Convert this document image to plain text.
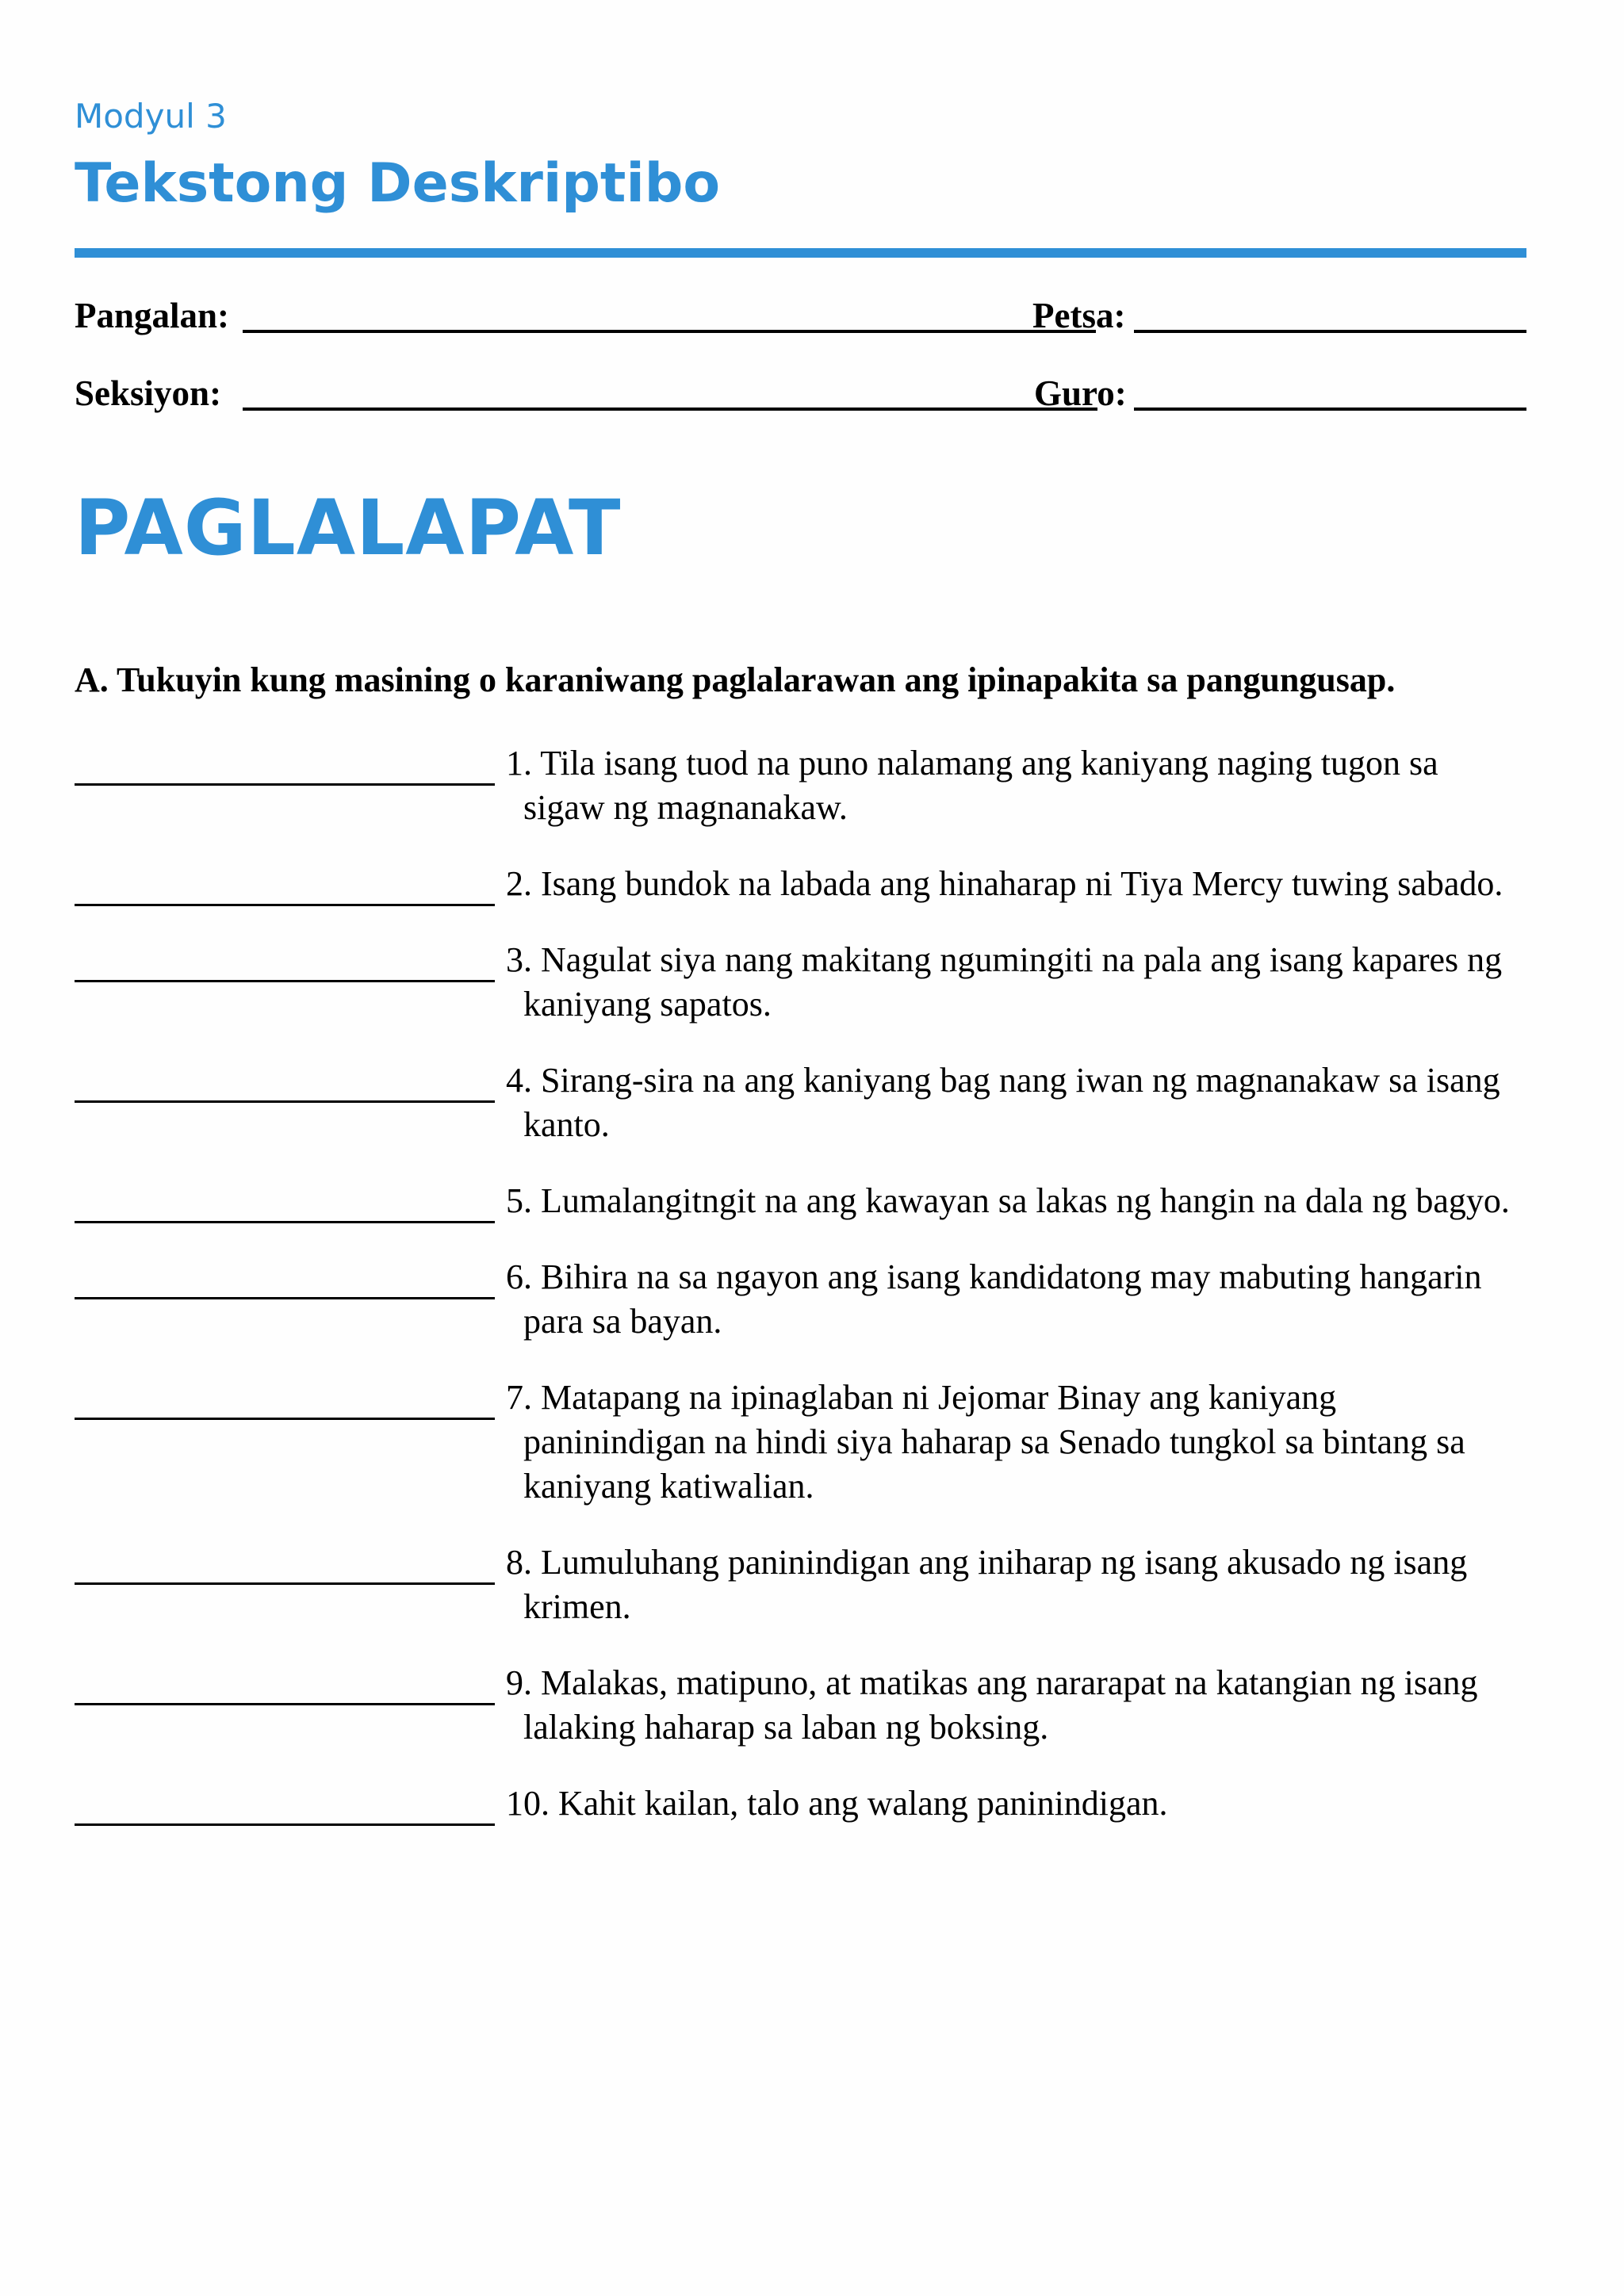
Modyul 3

Tekstong Deskriptibo
Pangalan:	Petsa:
Seksiyon:	Guro:
PAGLALAPAT
A. Tukuyin kung masining o karaniwang paglalarawan ang ipinapakita sa pangungusap.
1. Tila isang tuod na puno nalamang ang kaniyang naging tugon sa sigaw ng magnanakaw.
2. Isang bundok na labada ang hinaharap ni Tiya Mercy tuwing sabado.
3. Nagulat siya nang makitang ngumingiti na pala ang isang kapares ng kaniyang sapatos.
4. Sirang-sira na ang kaniyang bag nang iwan ng magnanakaw sa isang kanto.
5. Lumalangitngit na ang kawayan sa lakas ng hangin na dala ng bagyo.
6. Bihira na sa ngayon ang isang kandidatong may mabuting hangarin para sa bayan.
7. Matapang na ipinaglaban ni Jejomar Binay ang kaniyang paninindigan na hindi siya haharap sa Senado tungkol sa bintang sa kaniyang katiwalian.
8. Lumuluhang paninindigan ang iniharap ng isang akusado ng isang krimen.
9. Malakas, matipuno, at matikas ang nararapat na katangian ng isang lalaking haharap sa laban ng boksing.
10. Kahit kailan, talo ang walang paninindigan.
